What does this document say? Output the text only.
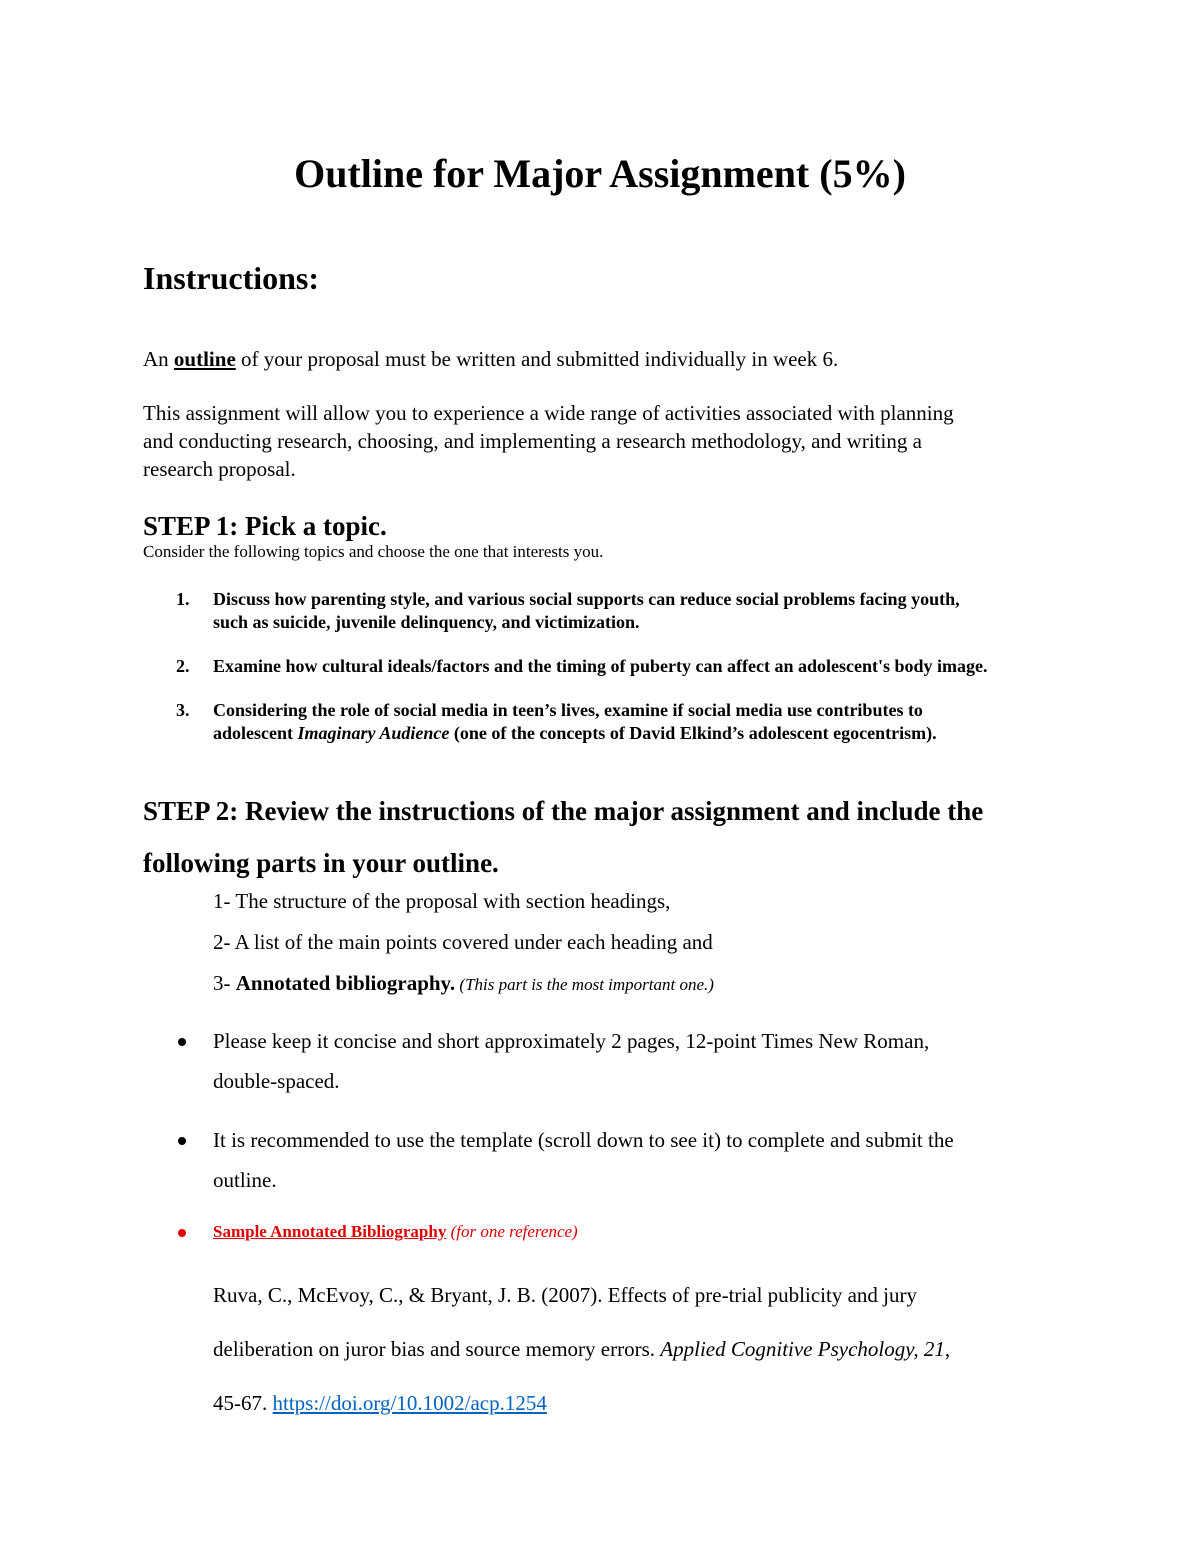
Outline for Major Assignment (5%)
Instructions:
An outline of your proposal must be written and submitted individually in week 6.
This assignment will allow you to experience a wide range of activities associated with planning
and conducting research, choosing, and implementing a research methodology, and writing a
research proposal.
STEP 1: Pick a topic.
Consider the following topics and choose the one that interests you.
1. Discuss how parenting style, and various social supports can reduce social problems facing youth,
such as suicide, juvenile delinquency, and victimization.
2. Examine how cultural ideals/factors and the timing of puberty can affect an adolescent's body image.
3. Considering the role of social media in teen’s lives, examine if social media use contributes to
adolescent Imaginary Audience (one of the concepts of David Elkind’s adolescent egocentrism).
STEP 2: Review the instructions of the major assignment and include the
following parts in your outline.
1- The structure of the proposal with section headings,
2- A list of the main points covered under each heading and
3- Annotated bibliography. (This part is the most important one.)
Please keep it concise and short approximately 2 pages, 12-point Times New Roman,
double-spaced.
It is recommended to use the template (scroll down to see it) to complete and submit the
outline.
Sample Annotated Bibliography (for one reference)
Ruva, C., McEvoy, C., & Bryant, J. B. (2007). Effects of pre-trial publicity and jury
deliberation on juror bias and source memory errors. Applied Cognitive Psychology, 21,
45-67. https://doi.org/10.1002/acp.1254
